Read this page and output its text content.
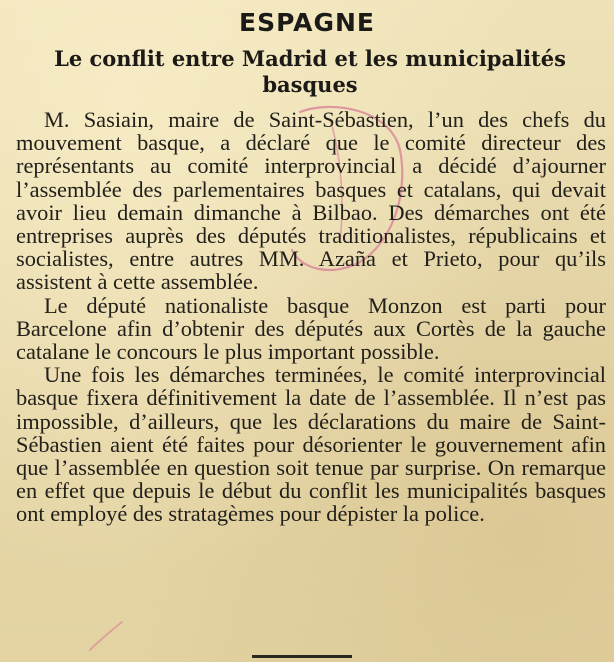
ESPAGNE
Le conflit entre Madrid et les municipalités basques

M. Sasiain, maire de Saint-Sébastien, l’un des chefs du mouvement basque, a déclaré que le comité directeur des représentants au comité interprovincial a décidé d’ajourner l’assemblée des parlementaires basques et catalans, qui devait avoir lieu demain dimanche à Bilbao. Des démarches ont été entreprises auprès des députés traditionalistes, républicains et socialistes, entre autres MM. Azaña et Prieto, pour qu’ils assistent à cette assemblée.

Le député nationaliste basque Monzon est parti pour Barcelone afin d’obtenir des députés aux Cortès de la gauche catalane le concours le plus important possible.

Une fois les démarches terminées, le comité interprovincial basque fixera définitivement la date de l’assemblée. Il n’est pas impossible, d’ailleurs, que les déclarations du maire de Saint-Sébastien aient été faites pour désorienter le gouvernement afin que l’assemblée en question soit tenue par surprise. On remarque en effet que depuis le début du conflit les municipalités basques ont employé des stratagèmes pour dépister la police.
